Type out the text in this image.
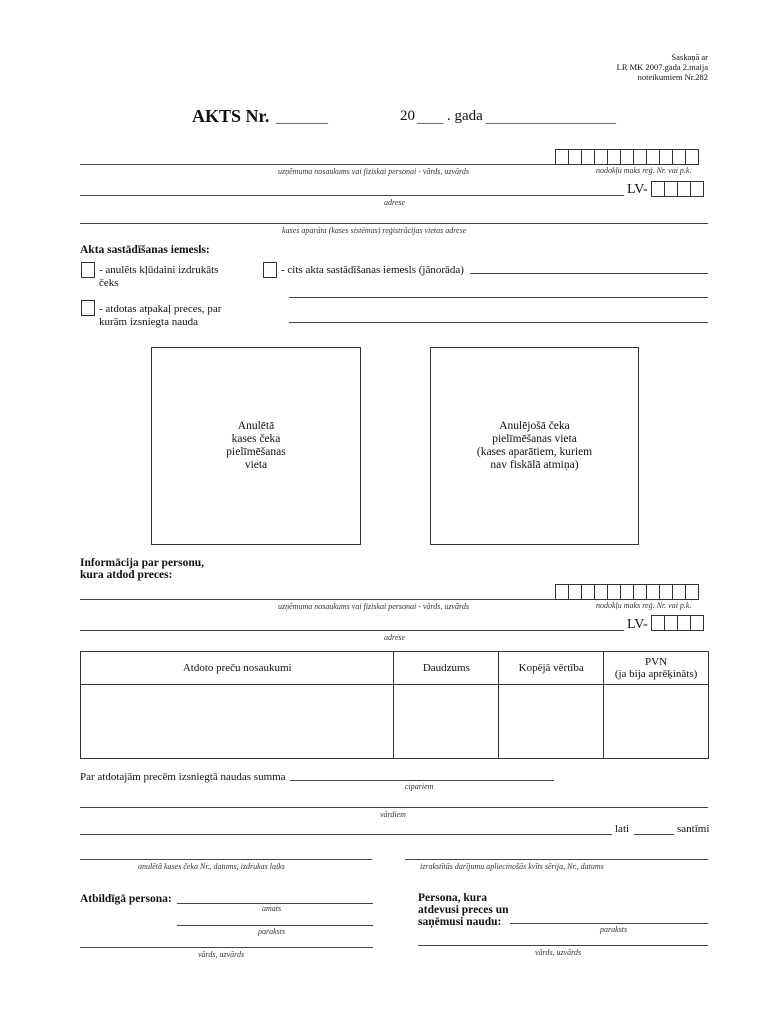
Saskaņā ar
LR MK 2007.gada 2.maija
noteikumiem Nr.282
AKTS Nr. ________	20 ____ . gada ____________________
uzņēmuma nosaukums vai fiziskai personai - vārds, uzvārds	nodokļu maks reģ. Nr. vai p.k.
LV-
adrese
kases aparāta (kases sistēmas) reģistrācijas vietas adrese
Akta sastādīšanas iemesls:
- anulēts kļūdaini izdrukāts
čeks
- cits akta sastādīšanas iemesls (jānorāda)
- atdotas atpakaļ preces, par
kurām izsniegta nauda
Anulētā
kases čeka
pielīmēšanas
vieta
Anulējošā čeka
pielīmēšanas vieta
(kases aparātiem, kuriem
nav fiskālā atmiņa)
Informācija par personu,
kura atdod preces:
uzņēmuma nosaukums vai fiziskai personai - vārds, uzvārds	nodokļu maks reģ. Nr. vai p.k.
LV-
adrese
Atdoto preču nosaukumi	Daudzums	Kopējā vērtība	PVN
(ja bija aprēķināts)

Par atdotajām precēm izsniegtā naudas summa
cipariem
vārdiem
lati	santīmi
anulētā kases čeka Nr., datums, izdrukas laiks	izrakstītās darījumu apliecinošās kvīts sērija, Nr., datums
Atbildīgā persona:
amats
paraksts
vārds, uzvārds
Persona, kura
atdevusi preces un
saņēmusi naudu:
paraksts
vārds, uzvārds
